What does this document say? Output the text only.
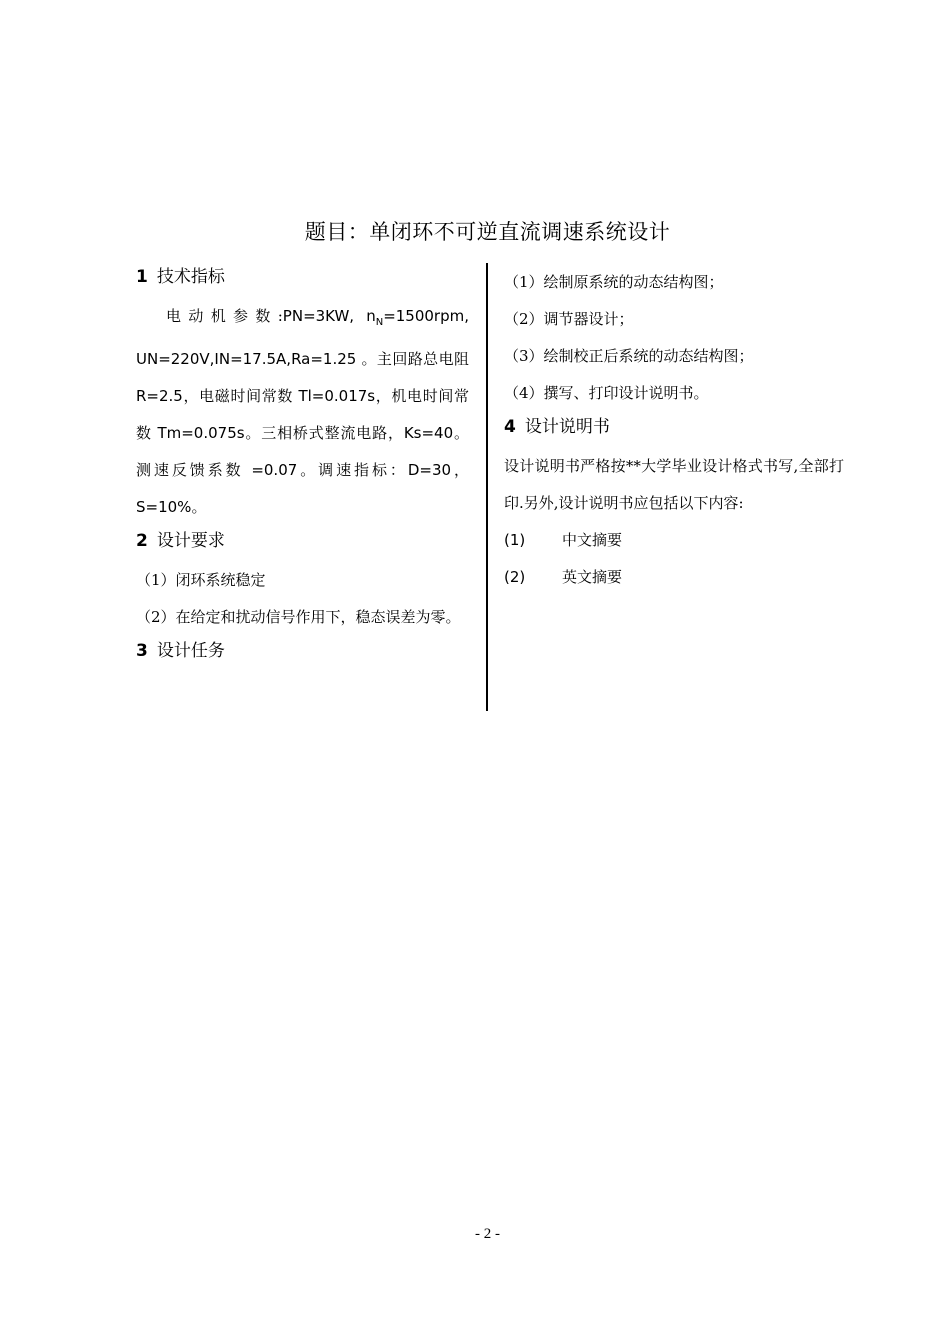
题目：单闭环不可逆直流调速系统设计
1 技术指标
电动机参数:PN=3KW, $n_N=1500rpm$, UN=220V,IN=17.5A,Ra=1.25 。主回路总电阻 R=2.5，电磁时间常数 Tl=0.017s，机电时间常数 Tm=0.075s。三相桥式整流电路，Ks=40。测速反馈系数 =0.07。调速指标：D=30，S=10%。
2 设计要求
（1）闭环系统稳定
（2）在给定和扰动信号作用下，稳态误差为零。
3 设计任务
（1）绘制原系统的动态结构图；
（2）调节器设计；
（3）绘制校正后系统的动态结构图；
（4）撰写、打印设计说明书。
4 设计说明书
设计说明书严格按**大学毕业设计格式书写,全部打印.另外,设计说明书应包括以下内容:
(1) 中文摘要
(2) 英文摘要
- 2 -
